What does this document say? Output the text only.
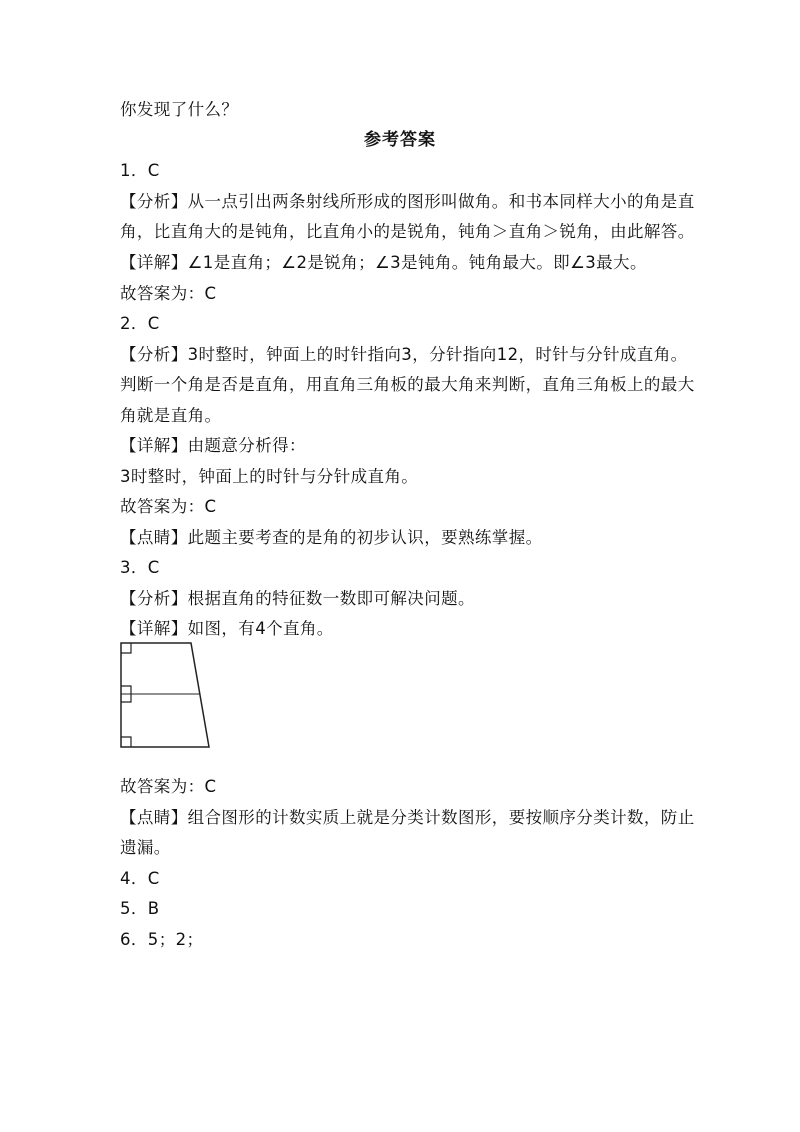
你发现了什么？
参考答案
1．C
【分析】从一点引出两条射线所形成的图形叫做角。和书本同样大小的角是直
角，比直角大的是钝角，比直角小的是锐角，钝角＞直角＞锐角，由此解答。
【详解】∠1是直角；∠2是锐角；∠3是钝角。钝角最大。即∠3最大。
故答案为：C
2．C
【分析】3时整时，钟面上的时针指向3，分针指向12，时针与分针成直角。
判断一个角是否是直角，用直角三角板的最大角来判断，直角三角板上的最大
角就是直角。
【详解】由题意分析得：
3时整时，钟面上的时针与分针成直角。
故答案为：C
【点睛】此题主要考查的是角的初步认识，要熟练掌握。
3．C
【分析】根据直角的特征数一数即可解决问题。
【详解】如图，有4个直角。
故答案为：C
【点睛】组合图形的计数实质上就是分类计数图形，要按顺序分类计数，防止
遗漏。
4．C
5．B
6．5；2；
